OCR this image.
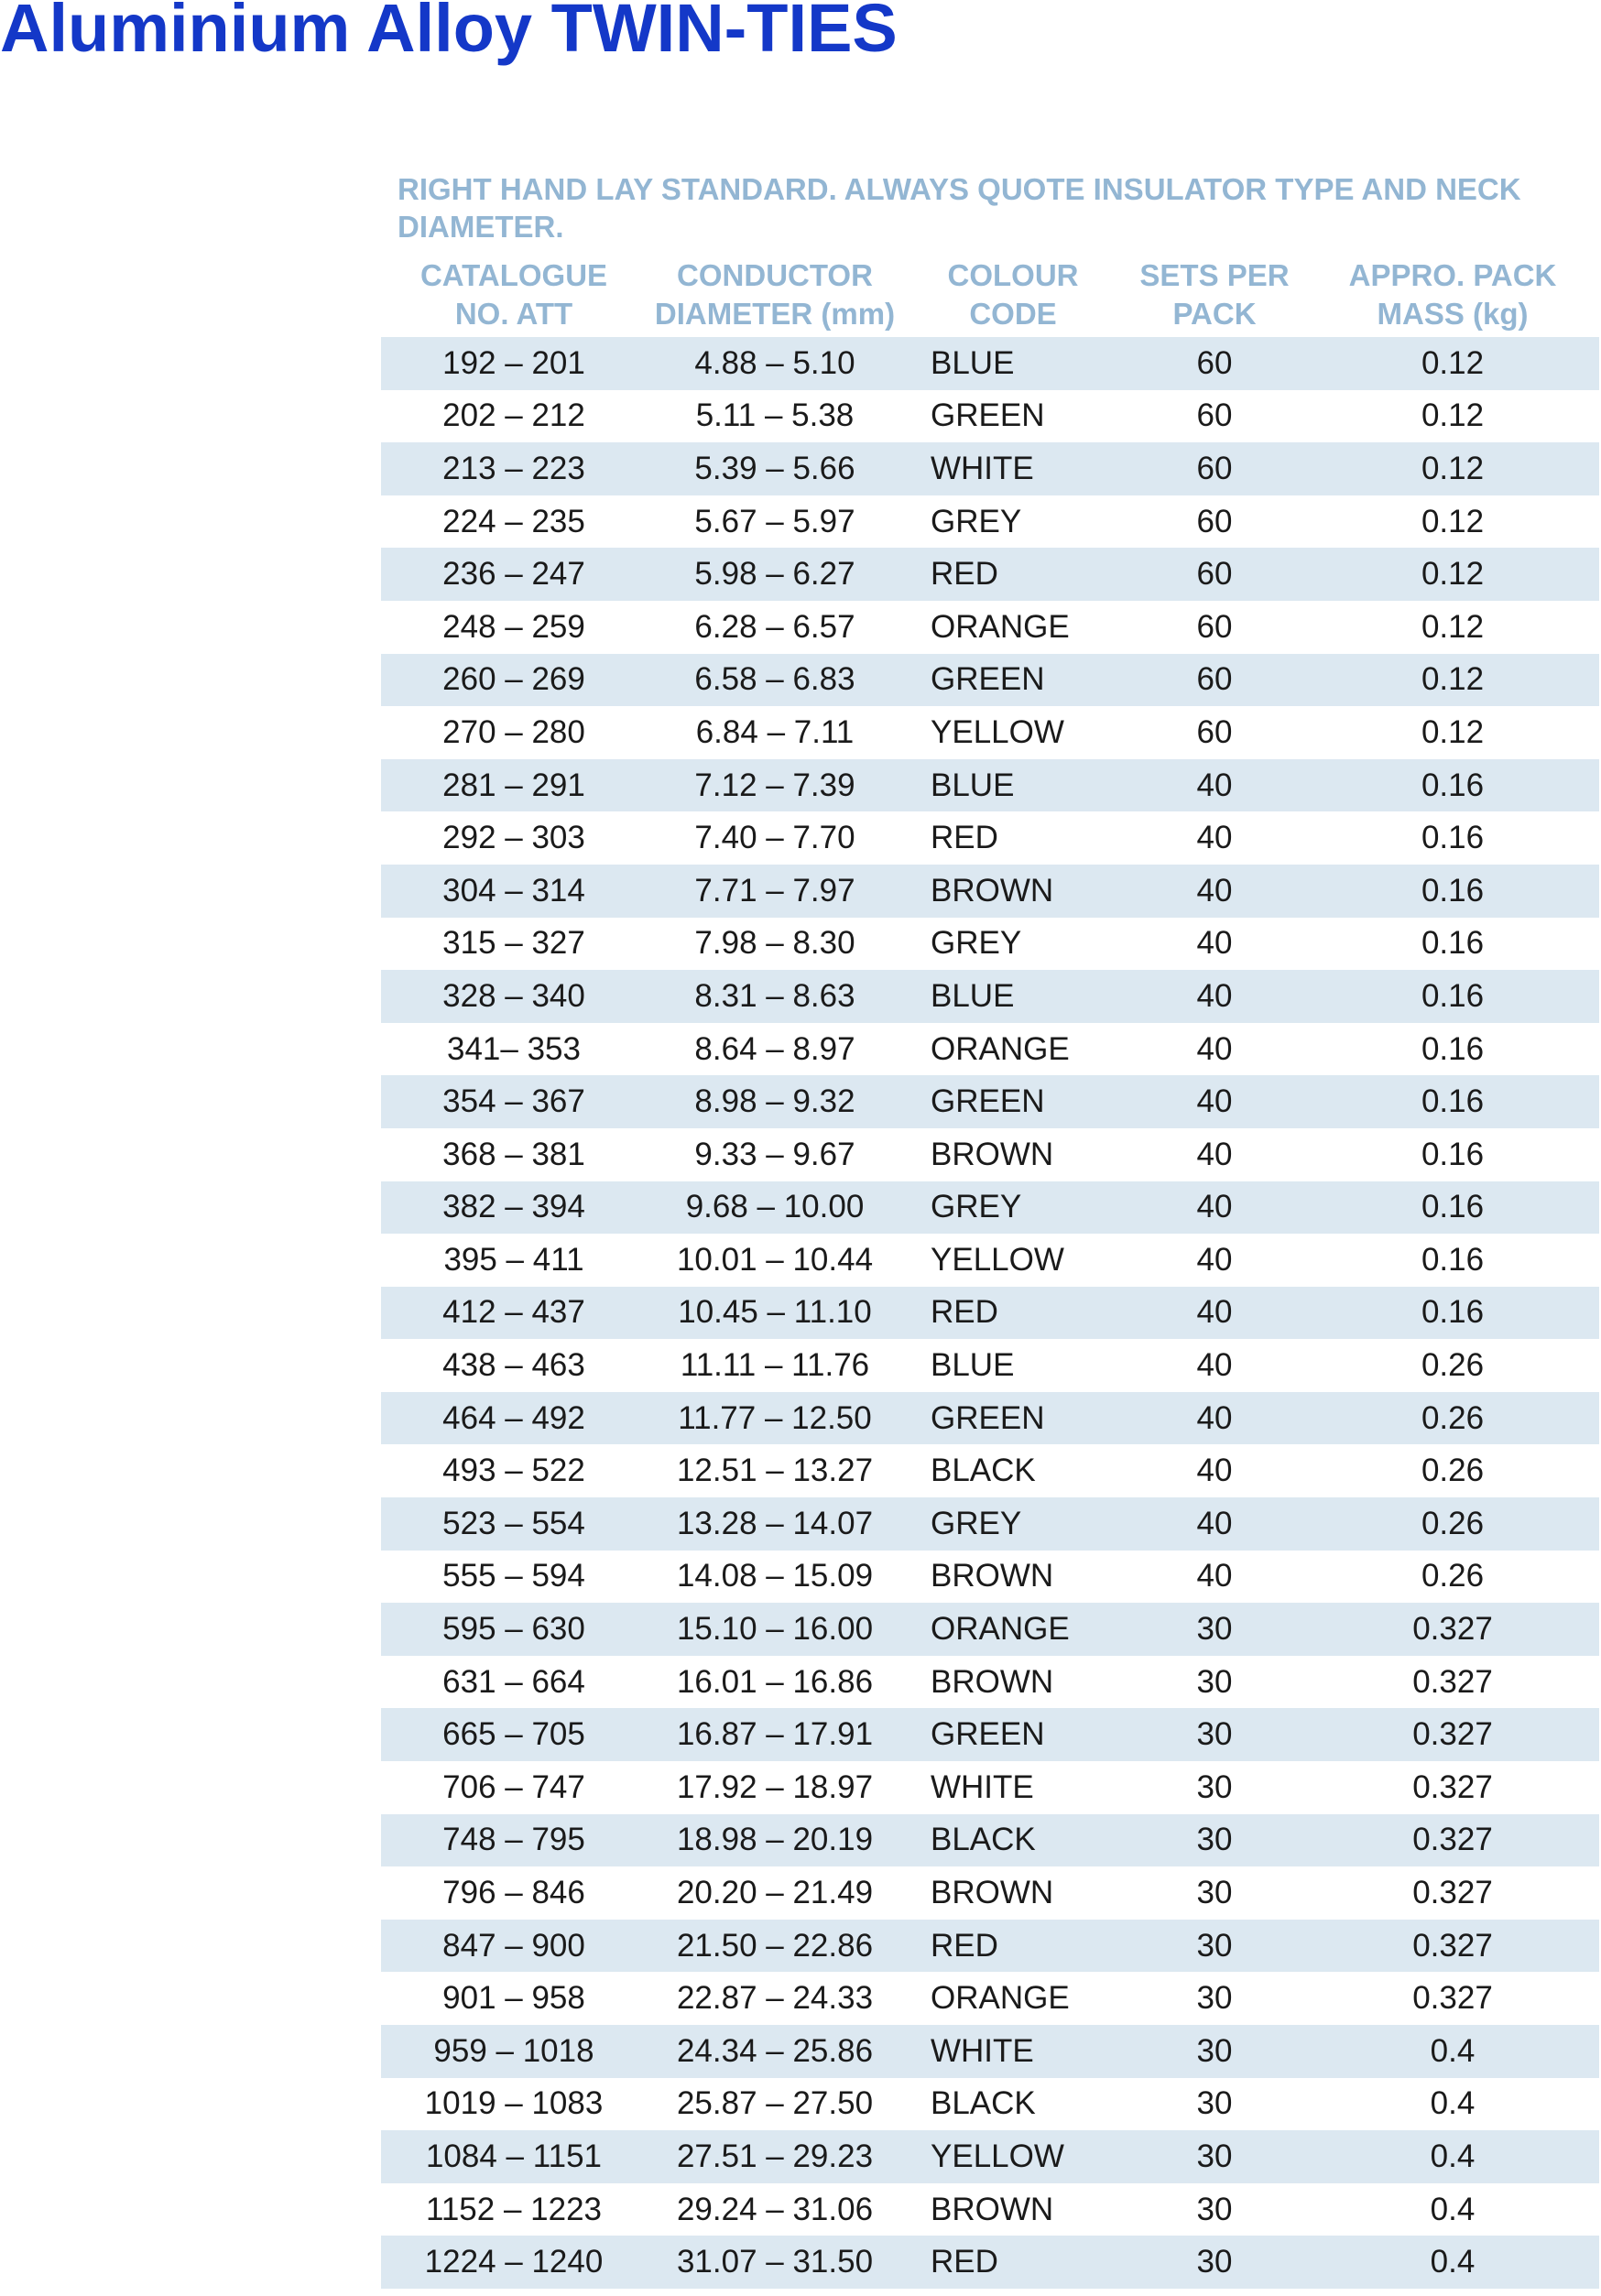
Aluminium Alloy TWIN-TIES
RIGHT HAND LAY STANDARD. ALWAYS QUOTE INSULATOR TYPE AND NECK DIAMETER.
CATALOGUE
NO. ATT
CONDUCTOR
DIAMETER (mm)
COLOUR
CODE
SETS PER
PACK
APPRO. PACK
MASS (kg)
192 – 201	4.88 – 5.10	BLUE	60	0.12
202 – 212	5.11 – 5.38	GREEN	60	0.12
213 – 223	5.39 – 5.66	WHITE	60	0.12
224 – 235	5.67 – 5.97	GREY	60	0.12
236 – 247	5.98 – 6.27	RED	60	0.12
248 – 259	6.28 – 6.57	ORANGE	60	0.12
260 – 269	6.58 – 6.83	GREEN	60	0.12
270 – 280	6.84 – 7.11	YELLOW	60	0.12
281 – 291	7.12 – 7.39	BLUE	40	0.16
292 – 303	7.40 – 7.70	RED	40	0.16
304 – 314	7.71 – 7.97	BROWN	40	0.16
315 – 327	7.98 – 8.30	GREY	40	0.16
328 – 340	8.31 – 8.63	BLUE	40	0.16
341– 353	8.64 – 8.97	ORANGE	40	0.16
354 – 367	8.98 – 9.32	GREEN	40	0.16
368 – 381	9.33 – 9.67	BROWN	40	0.16
382 – 394	9.68 – 10.00	GREY	40	0.16
395 – 411	10.01 – 10.44	YELLOW	40	0.16
412 – 437	10.45 – 11.10	RED	40	0.16
438 – 463	11.11 – 11.76	BLUE	40	0.26
464 – 492	11.77 – 12.50	GREEN	40	0.26
493 – 522	12.51 – 13.27	BLACK	40	0.26
523 – 554	13.28 – 14.07	GREY	40	0.26
555 – 594	14.08 – 15.09	BROWN	40	0.26
595 – 630	15.10 – 16.00	ORANGE	30	0.327
631 – 664	16.01 – 16.86	BROWN	30	0.327
665 – 705	16.87 – 17.91	GREEN	30	0.327
706 – 747	17.92 – 18.97	WHITE	30	0.327
748 – 795	18.98 – 20.19	BLACK	30	0.327
796 – 846	20.20 – 21.49	BROWN	30	0.327
847 – 900	21.50 – 22.86	RED	30	0.327
901 – 958	22.87 – 24.33	ORANGE	30	0.327
959 – 1018	24.34 – 25.86	WHITE	30	0.4
1019 – 1083	25.87 – 27.50	BLACK	30	0.4
1084 – 1151	27.51 – 29.23	YELLOW	30	0.4
1152 – 1223	29.24 – 31.06	BROWN	30	0.4
1224 – 1240	31.07 – 31.50	RED	30	0.4
